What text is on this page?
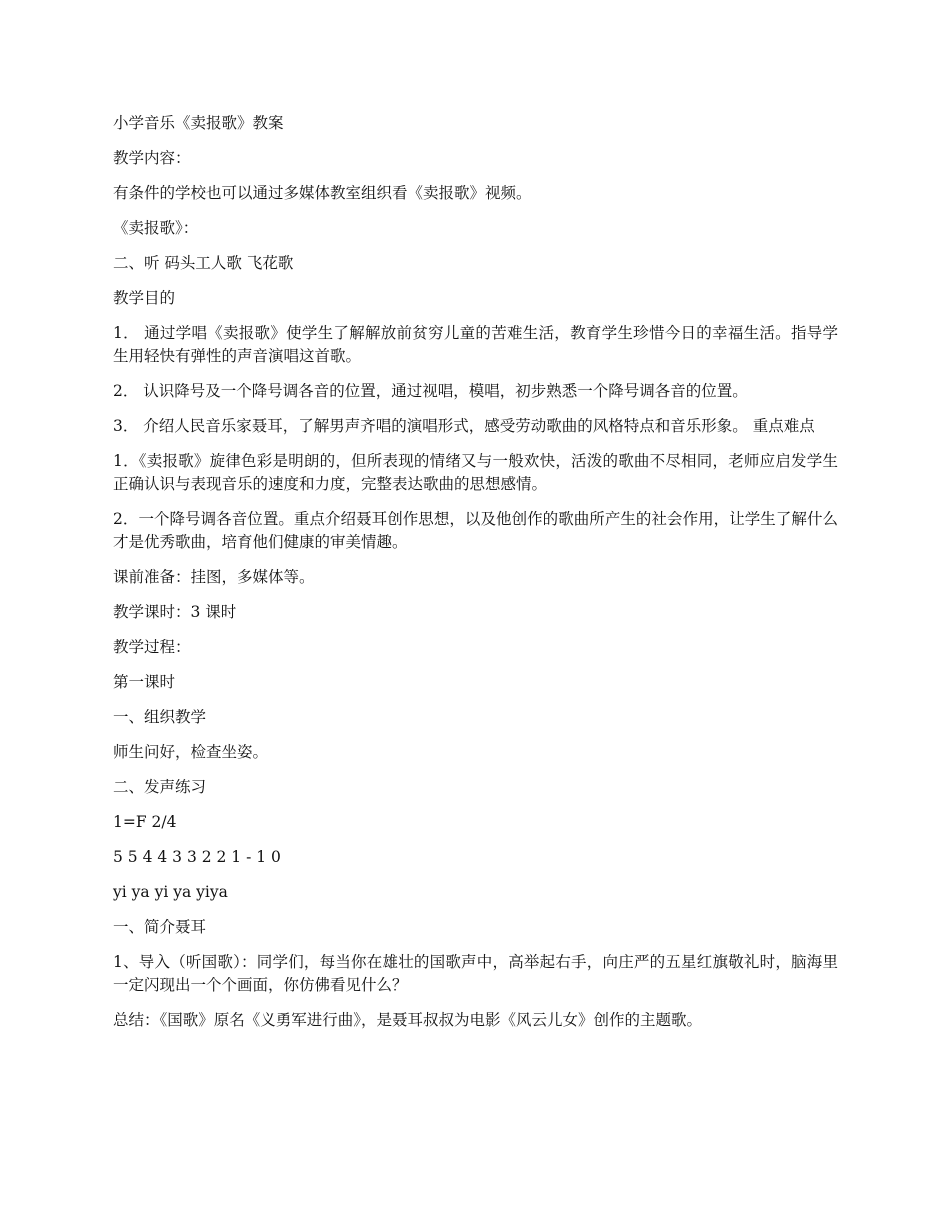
小学音乐《卖报歌》教案

教学内容：

有条件的学校也可以通过多媒体教室组织看《卖报歌》视频。

《卖报歌》：

二、听 码头工人歌 飞花歌

教学目的

1． 通过学唱《卖报歌》使学生了解解放前贫穷儿童的苦难生活，教育学生珍惜今日的幸福生活。指导学生用轻快有弹性的声音演唱这首歌。

2． 认识降号及一个降号调各音的位置，通过视唱，模唱，初步熟悉一个降号调各音的位置。

3． 介绍人民音乐家聂耳，了解男声齐唱的演唱形式，感受劳动歌曲的风格特点和音乐形象。 重点难点

1．《卖报歌》旋律色彩是明朗的，但所表现的情绪又与一般欢快，活泼的歌曲不尽相同，老师应启发学生正确认识与表现音乐的速度和力度，完整表达歌曲的思想感情。

2．一个降号调各音位置。重点介绍聂耳创作思想，以及他创作的歌曲所产生的社会作用，让学生了解什么才是优秀歌曲，培育他们健康的审美情趣。

课前准备：挂图，多媒体等。

教学课时：3 课时

教学过程：

第一课时

一、组织教学

师生问好，检查坐姿。

二、发声练习

1=F 2/4

5 5 4 4 3 3 2 2 1 - 1 0

yi ya yi ya yiya

一、简介聂耳

1、导入（听国歌）：同学们，每当你在雄壮的国歌声中，高举起右手，向庄严的五星红旗敬礼时，脑海里一定闪现出一个个画面，你仿佛看见什么？

总结：《国歌》原名《义勇军进行曲》，是聂耳叔叔为电影《风云儿女》创作的主题歌。
